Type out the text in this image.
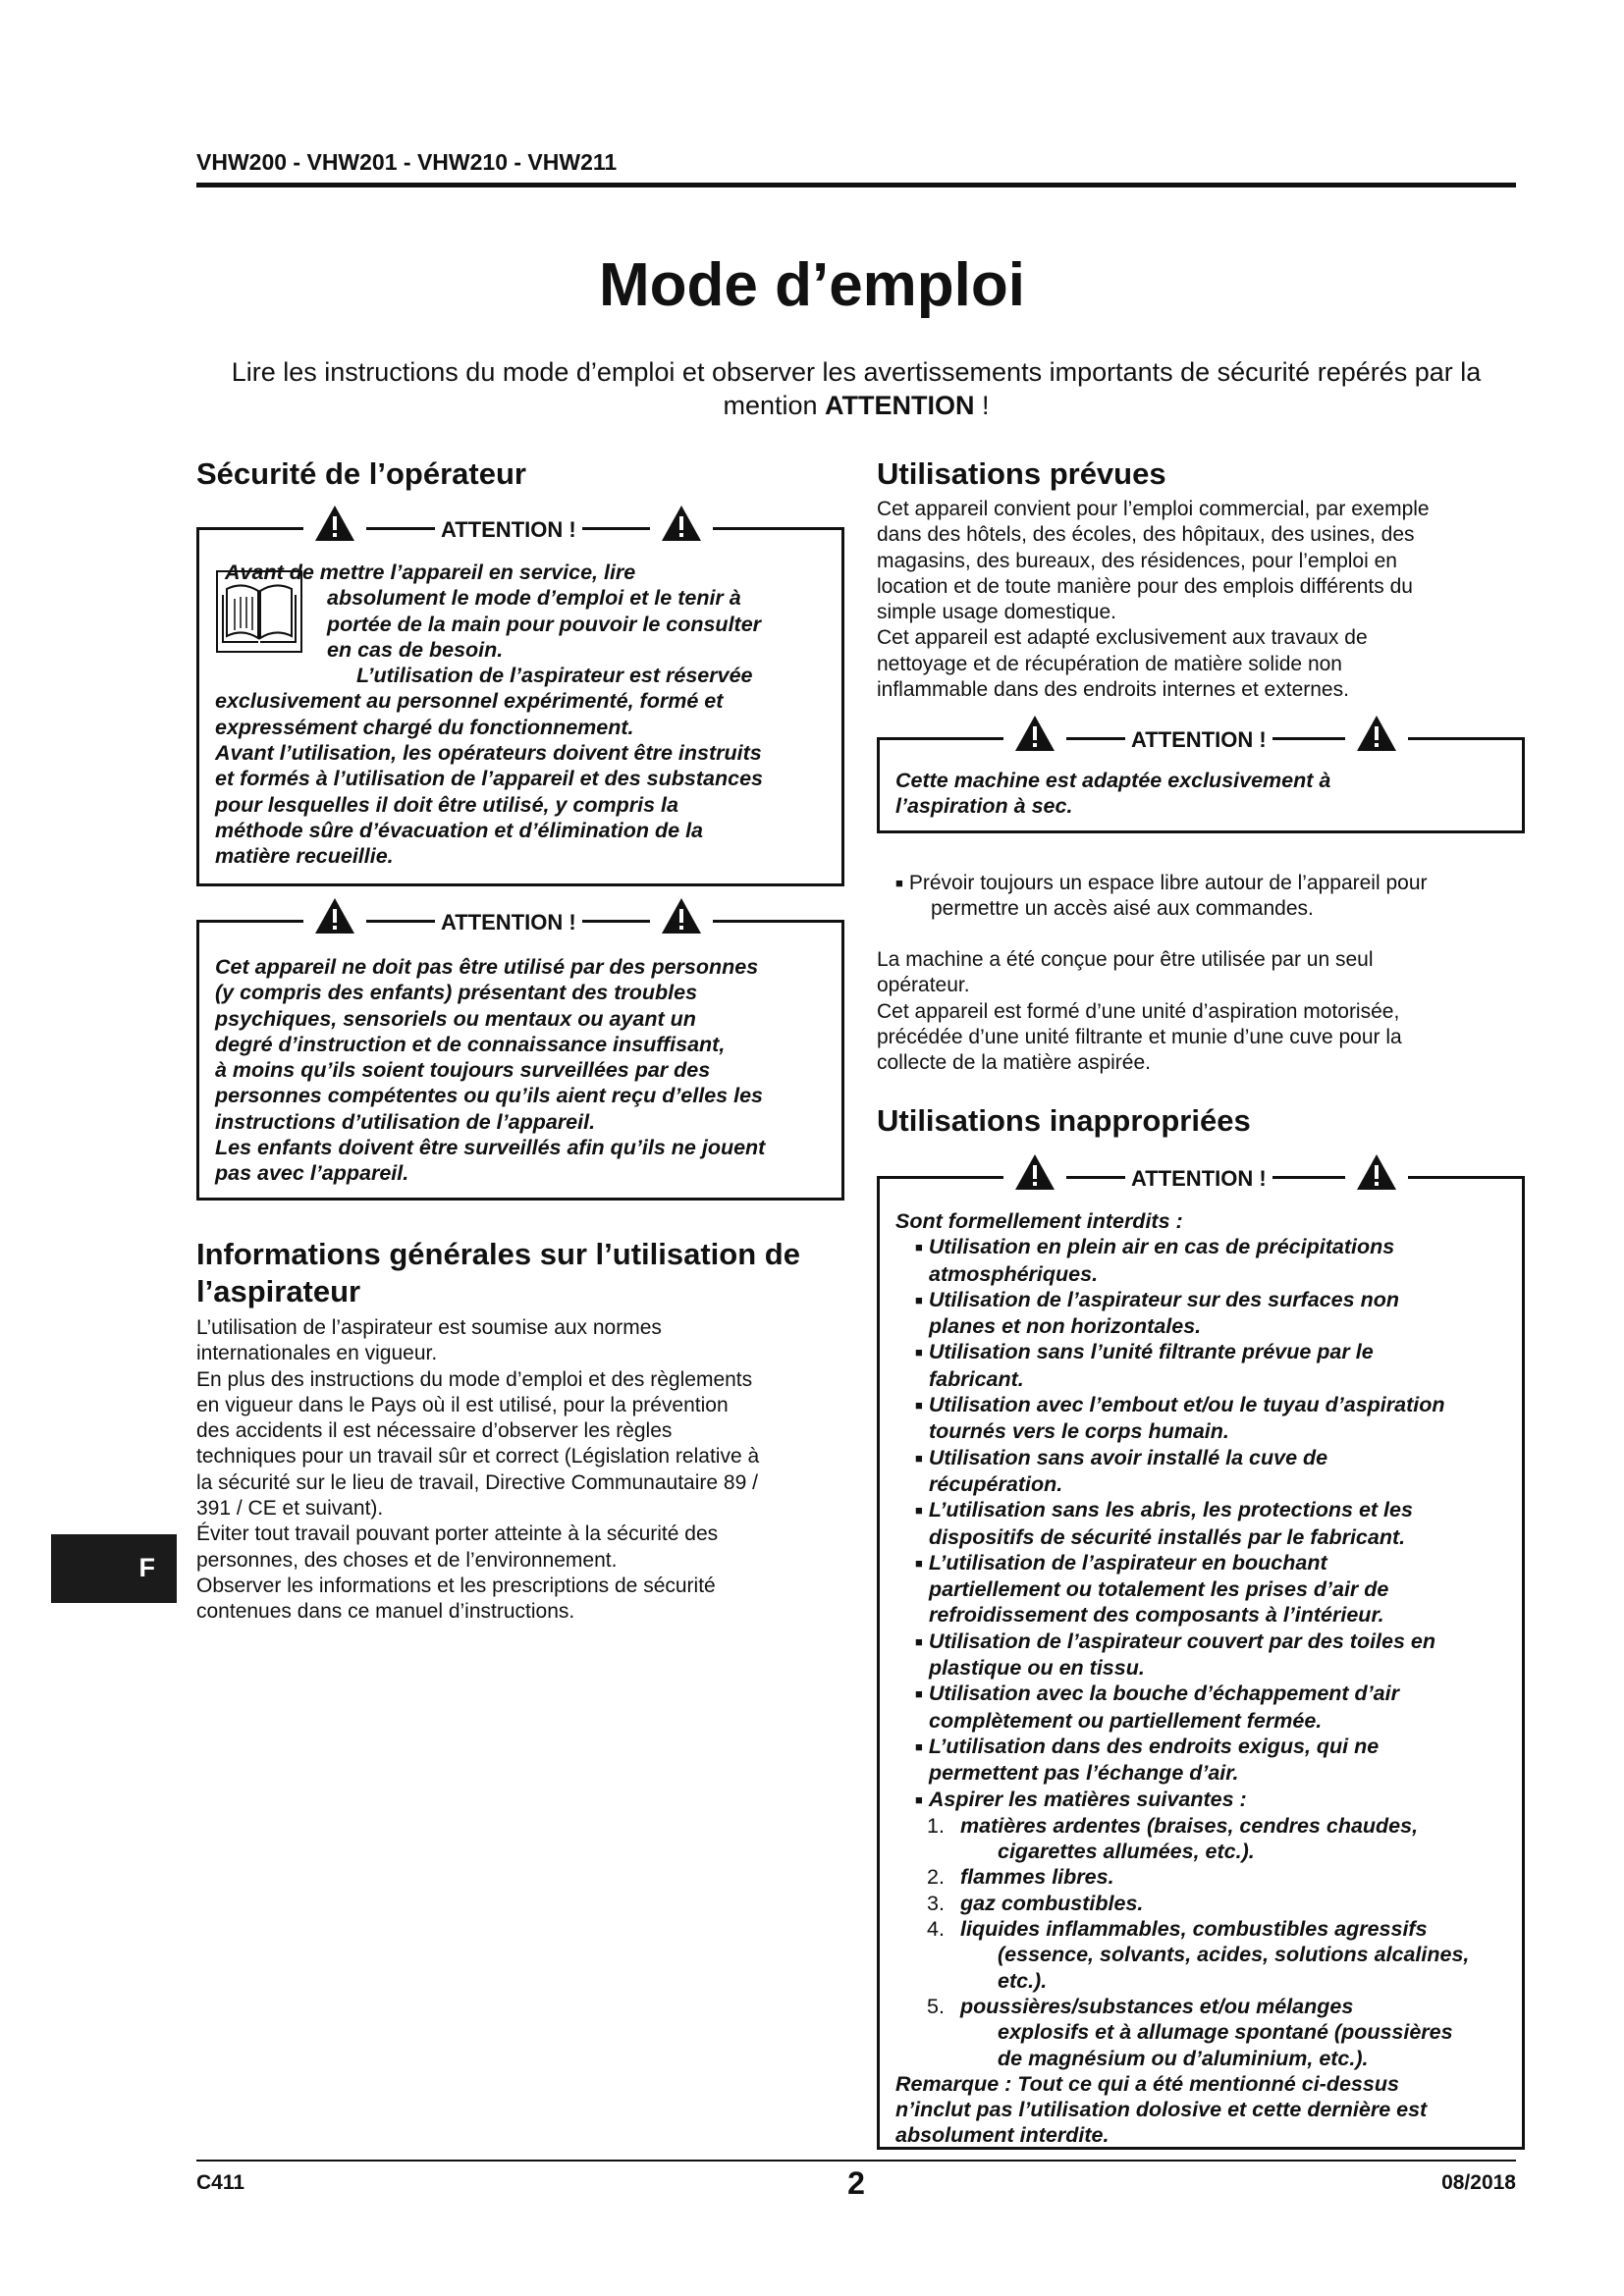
VHW200 - VHW201 - VHW210 - VHW211
Mode d’emploi
Lire les instructions du mode d’emploi et observer les avertissements importants de sécurité repérés par la mention ATTENTION !
Sécurité de l’opérateur
ATTENTION !
Avant de mettre l’appareil en service, lire
absolument le mode d’emploi et le tenir à
portée de la main pour pouvoir le consulter
en cas de besoin.
L’utilisation de l’aspirateur est réservée
exclusivement au personnel expérimenté, formé et
expressément chargé du fonctionnement.
Avant l’utilisation, les opérateurs doivent être instruits
et formés à l’utilisation de l’appareil et des substances
pour lesquelles il doit être utilisé, y compris la
méthode sûre d’évacuation et d’élimination de la
matière recueillie.
ATTENTION !
Cet appareil ne doit pas être utilisé par des personnes
(y compris des enfants) présentant des troubles
psychiques, sensoriels ou mentaux ou ayant un
degré d’instruction et de connaissance insuffisant,
à moins qu’ils soient toujours surveillées par des
personnes compétentes ou qu’ils aient reçu d’elles les
instructions d’utilisation de l’appareil.
Les enfants doivent être surveillés afin qu’ils ne jouent
pas avec l’appareil.
Informations générales sur l’utilisation de
l’aspirateur
L’utilisation de l’aspirateur est soumise aux normes
internationales en vigueur.
En plus des instructions du mode d’emploi et des règlements
en vigueur dans le Pays où il est utilisé, pour la prévention
des accidents il est nécessaire d’observer les règles
techniques pour un travail sûr et correct (Législation relative à
la sécurité sur le lieu de travail, Directive Communautaire 89 /
391 / CE et suivant).
Éviter tout travail pouvant porter atteinte à la sécurité des
personnes, des choses et de l’environnement.
Observer les informations et les prescriptions de sécurité
contenues dans ce manuel d’instructions.
F
Utilisations prévues
Cet appareil convient pour l’emploi commercial, par exemple
dans des hôtels, des écoles, des hôpitaux, des usines, des
magasins, des bureaux, des résidences, pour l’emploi en
location et de toute manière pour des emplois différents du
simple usage domestique.
Cet appareil est adapté exclusivement aux travaux de
nettoyage et de récupération de matière solide non
inflammable dans des endroits internes et externes.
ATTENTION !
Cette machine est adaptée exclusivement à
l’aspiration à sec.
■ Prévoir toujours un espace libre autour de l’appareil pour
permettre un accès aisé aux commandes.
La machine a été conçue pour être utilisée par un seul
opérateur.
Cet appareil est formé d’une unité d’aspiration motorisée,
précédée d’une unité filtrante et munie d’une cuve pour la
collecte de la matière aspirée.
Utilisations inappropriées
ATTENTION !
Sont formellement interdits :
■ Utilisation en plein air en cas de précipitations
atmosphériques.
■ Utilisation de l’aspirateur sur des surfaces non
planes et non horizontales.
■ Utilisation sans l’unité filtrante prévue par le
fabricant.
■ Utilisation avec l’embout et/ou le tuyau d’aspiration
tournés vers le corps humain.
■ Utilisation sans avoir installé la cuve de
récupération.
■ L’utilisation sans les abris, les protections et les
dispositifs de sécurité installés par le fabricant.
■ L’utilisation de l’aspirateur en bouchant
partiellement ou totalement les prises d’air de
refroidissement des composants à l’intérieur.
■ Utilisation de l’aspirateur couvert par des toiles en
plastique ou en tissu.
■ Utilisation avec la bouche d’échappement d’air
complètement ou partiellement fermée.
■ L’utilisation dans des endroits exigus, qui ne
permettent pas l’échange d’air.
■ Aspirer les matières suivantes :
1. matières ardentes (braises, cendres chaudes,
cigarettes allumées, etc.).
2. flammes libres.
3. gaz combustibles.
4. liquides inflammables, combustibles agressifs
(essence, solvants, acides, solutions alcalines,
etc.).
5. poussières/substances et/ou mélanges
explosifs et à allumage spontané (poussières
de magnésium ou d’aluminium, etc.).
Remarque : Tout ce qui a été mentionné ci-dessus
n’inclut pas l’utilisation dolosive et cette dernière est
absolument interdite.
C411	2	08/2018
